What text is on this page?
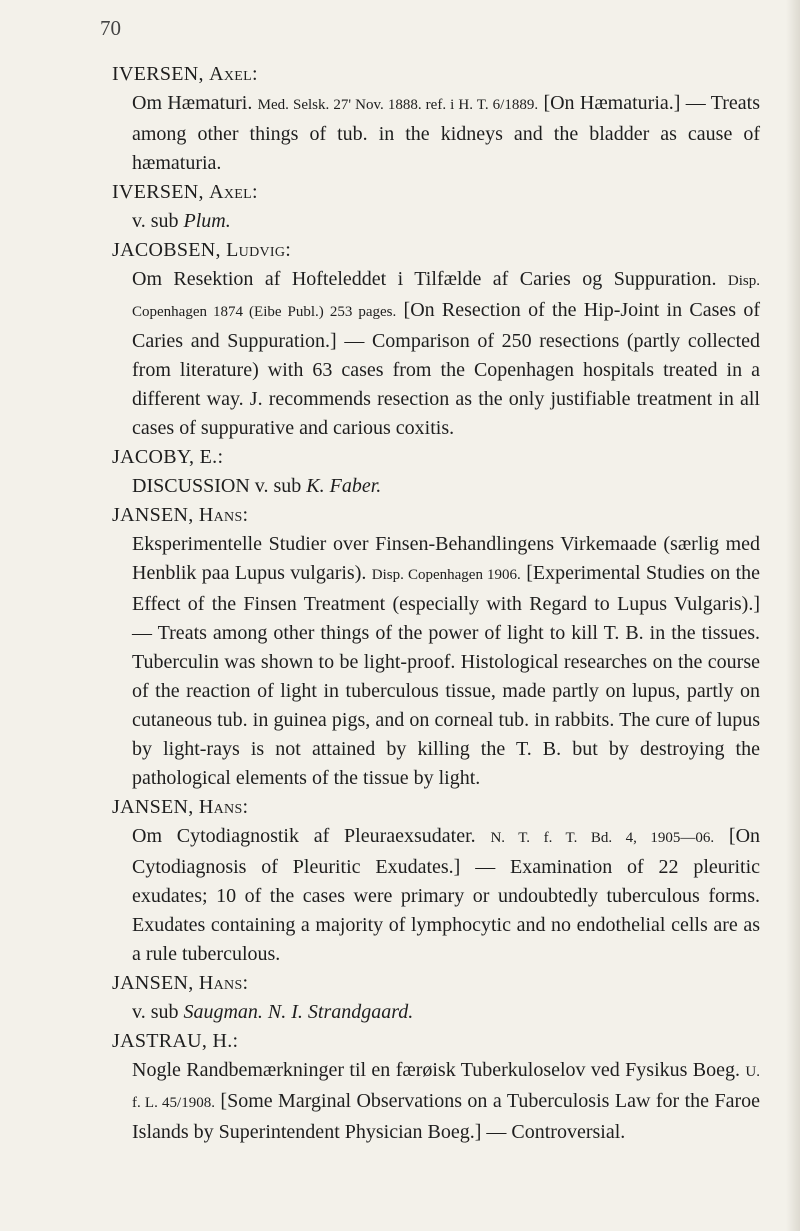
70
IVERSEN, Axel:
Om Hæmaturi. Med. Selsk. 27' Nov. 1888. ref. i H. T. 6/1889. [On Hæmaturia.] — Treats among other things of tub. in the kidneys and the bladder as cause of hæmaturia.
IVERSEN, Axel:
v. sub Plum.
JACOBSEN, Ludvig:
Om Resektion af Hofteleddet i Tilfælde af Caries og Suppuration. Disp. Copenhagen 1874 (Eibe Publ.) 253 pages. [On Resection of the Hip-Joint in Cases of Caries and Suppuration.] — Comparison of 250 resections (partly collected from literature) with 63 cases from the Copenhagen hospitals treated in a different way. J. recommends resection as the only justifiable treatment in all cases of suppurative and carious coxitis.
JACOBY, E.:
DISCUSSION v. sub K. Faber.
JANSEN, Hans:
Eksperimentelle Studier over Finsen-Behandlingens Virkemaade (særlig med Henblik paa Lupus vulgaris). Disp. Copenhagen 1906. [Experimental Studies on the Effect of the Finsen Treatment (especially with Regard to Lupus Vulgaris).] — Treats among other things of the power of light to kill T. B. in the tissues. Tuberculin was shown to be light-proof. Histological researches on the course of the reaction of light in tuberculous tissue, made partly on lupus, partly on cutaneous tub. in guinea pigs, and on corneal tub. in rabbits. The cure of lupus by light-rays is not attained by killing the T. B. but by destroying the pathological elements of the tissue by light.
JANSEN, Hans:
Om Cytodiagnostik af Pleuraexsudater. N. T. f. T. Bd. 4, 1905—06. [On Cytodiagnosis of Pleuritic Exudates.] — Examination of 22 pleuritic exudates; 10 of the cases were primary or undoubtedly tuberculous forms. Exudates containing a majority of lymphocytic and no endothelial cells are as a rule tuberculous.
JANSEN, Hans:
v. sub Saugman. N. I. Strandgaard.
JASTRAU, H.:
Nogle Randbemærkninger til en færøisk Tuberkuloselov ved Fysikus Boeg. U. f. L. 45/1908. [Some Marginal Observations on a Tuberculosis Law for the Faroe Islands by Superintendent Physician Boeg.] — Controversial.
